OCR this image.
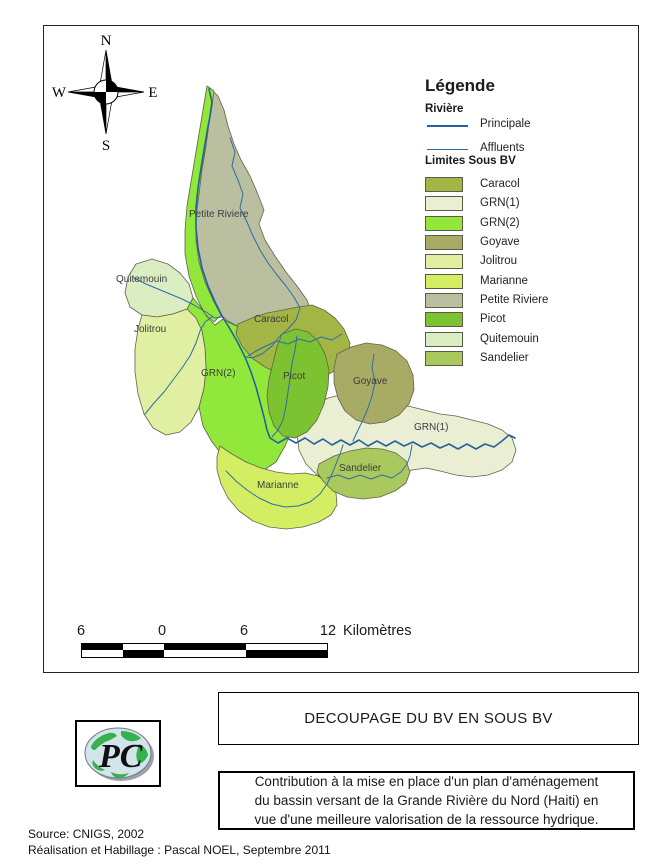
Petite Riviere
Quitemouin
Jolitrou
Caracol
GRN(2)	Picot	Goyave
GRN(1)
Marianne
Sandelier
N
E
S
W	Légende
Rivière
Principale
Affluents
Limites Sous BV
Caracol
GRN(1)
GRN(2)
Goyave
Jolitrou
Marianne
Petite Riviere
Picot
Quitemouin
Sandelier
6	0	6	12 Kilomètres
DECOUPAGE DU BV EN SOUS BV
PC
Contribution à la mise en place d'un plan d'aménagement
du bassin versant de la Grande Rivière du Nord (Haiti) en
vue d'une meilleure valorisation de la ressource hydrique.
Source: CNIGS, 2002
Réalisation et Habillage : Pascal NOEL, Septembre 2011
